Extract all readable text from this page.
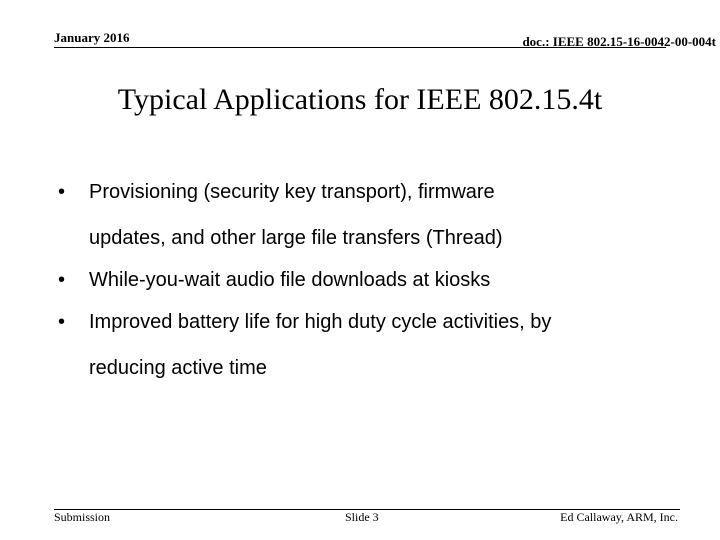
January 2016	doc.: IEEE 802.15-16-0042-00-004t
Typical Applications for IEEE 802.15.4t
• Provisioning (security key transport), firmware
updates, and other large file transfers (Thread)
• While-you-wait audio file downloads at kiosks
• Improved battery life for high duty cycle activities, by
reducing active time
Submission	Slide 3	Ed Callaway, ARM, Inc.
